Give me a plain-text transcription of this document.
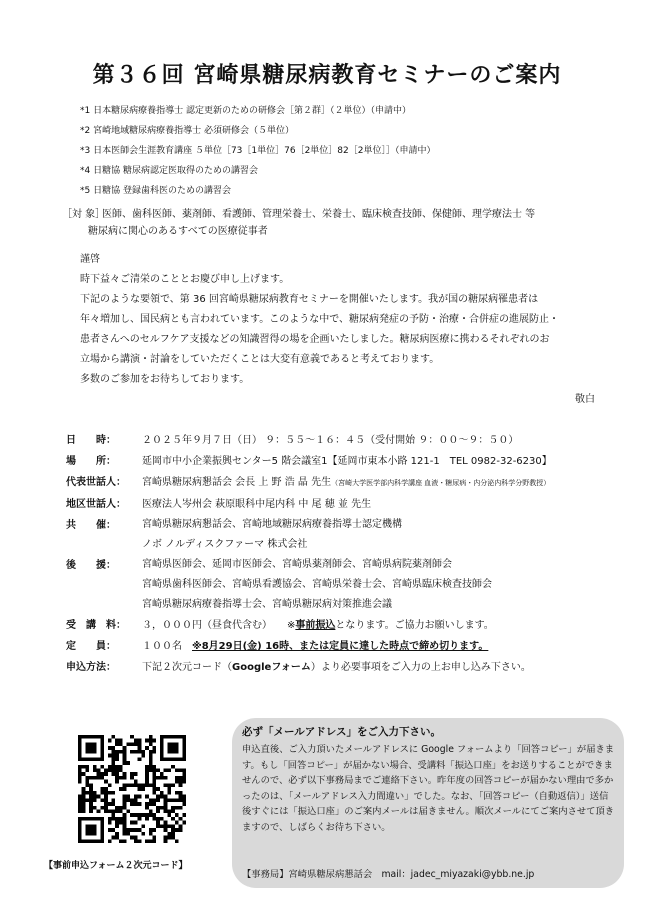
第３６回 宮崎県糖尿病教育セミナーのご案内
*1 日本糖尿病療養指導士 認定更新のための研修会［第２群］（２単位）（申請中）
*2 宮崎地域糖尿病療養指導士 必須研修会（５単位）
*3 日本医師会生涯教育講座 ５単位［73［1単位］76［2単位］82［2単位］］（申請中）
*4 日糖協 糖尿病認定医取得のための講習会
*5 日糖協 登録歯科医のための講習会
［対 象］医師、歯科医師、薬剤師、看護師、管理栄養士、栄養士、臨床検査技師、保健師、理学療法士 等
糖尿病に関心のあるすべての医療従事者
謹啓
時下益々ご清栄のこととお慶び申し上げます。
下記のような要領で、第 36 回宮崎県糖尿病教育セミナーを開催いたします。我が国の糖尿病罹患者は
年々増加し、国民病とも言われています。このような中で、糖尿病発症の予防・治療・合併症の進展防止・
患者さんへのセルフケア支援などの知識習得の場を企画いたしました。糖尿病医療に携わるそれぞれのお
立場から講演・討論をしていただくことは大変有意義であると考えております。
多数のご参加をお待ちしております。
敬白
日　　時：	２０２５年９月７日（日） ９：５５～１６：４５（受付開始 ９：００～９：５０）
場　　所：	延岡市中小企業振興センター5 階会議室1【延岡市東本小路 121-1　TEL 0982-32-6230】
代表世話人：	宮崎県糖尿病懇話会 会長 上 野 浩 晶 先生（宮崎大学医学部内科学講座 血液・糖尿病・内分泌内科学分野教授）
地区世話人：	医療法人岑州会 萩原眼科中尾内科 中 尾 穂 並 先生
共　　催：	宮崎県糖尿病懇話会、宮崎地域糖尿病療養指導士認定機構
ノボ ノルディスクファーマ 株式会社
後　　援：	宮崎県医師会、延岡市医師会、宮崎県薬剤師会、宮崎県病院薬剤師会
宮崎県歯科医師会、宮崎県看護協会、宮崎県栄養士会、宮崎県臨床検査技師会
宮崎県糖尿病療養指導士会、宮崎県糖尿病対策推進会議
受　講　料：	３，０００円（昼食代含む）　　 ※事前振込となります。ご協力お願いします。
定　　員：	１００名　 ※8月29日(金) 16時、または定員に達した時点で締め切ります。
申込方法：	下記２次元コード（Googleフォーム）より必要事項をご入力の上お申し込み下さい。
【事前申込フォーム２次元コード】
必ず「メールアドレス」をご入力下さい。
申込直後、ご入力頂いたメールアドレスに Google フォームより「回答コピー」が届きます。もし「回答コピー」が届かない場合、受講料「振込口座」をお送りすることができませんので、必ず以下事務局までご連絡下さい。昨年度の回答コピーが届かない理由で多かったのは、「メールアドレス入力間違い」でした。なお、「回答コピー（自動返信）」送信後すぐには「振込口座」のご案内メールは届きません。順次メールにてご案内させて頂きますので、しばらくお待ち下さい。
【事務局】宮崎県糖尿病懇話会　mail：jadec_miyazaki@ybb.ne.jp
